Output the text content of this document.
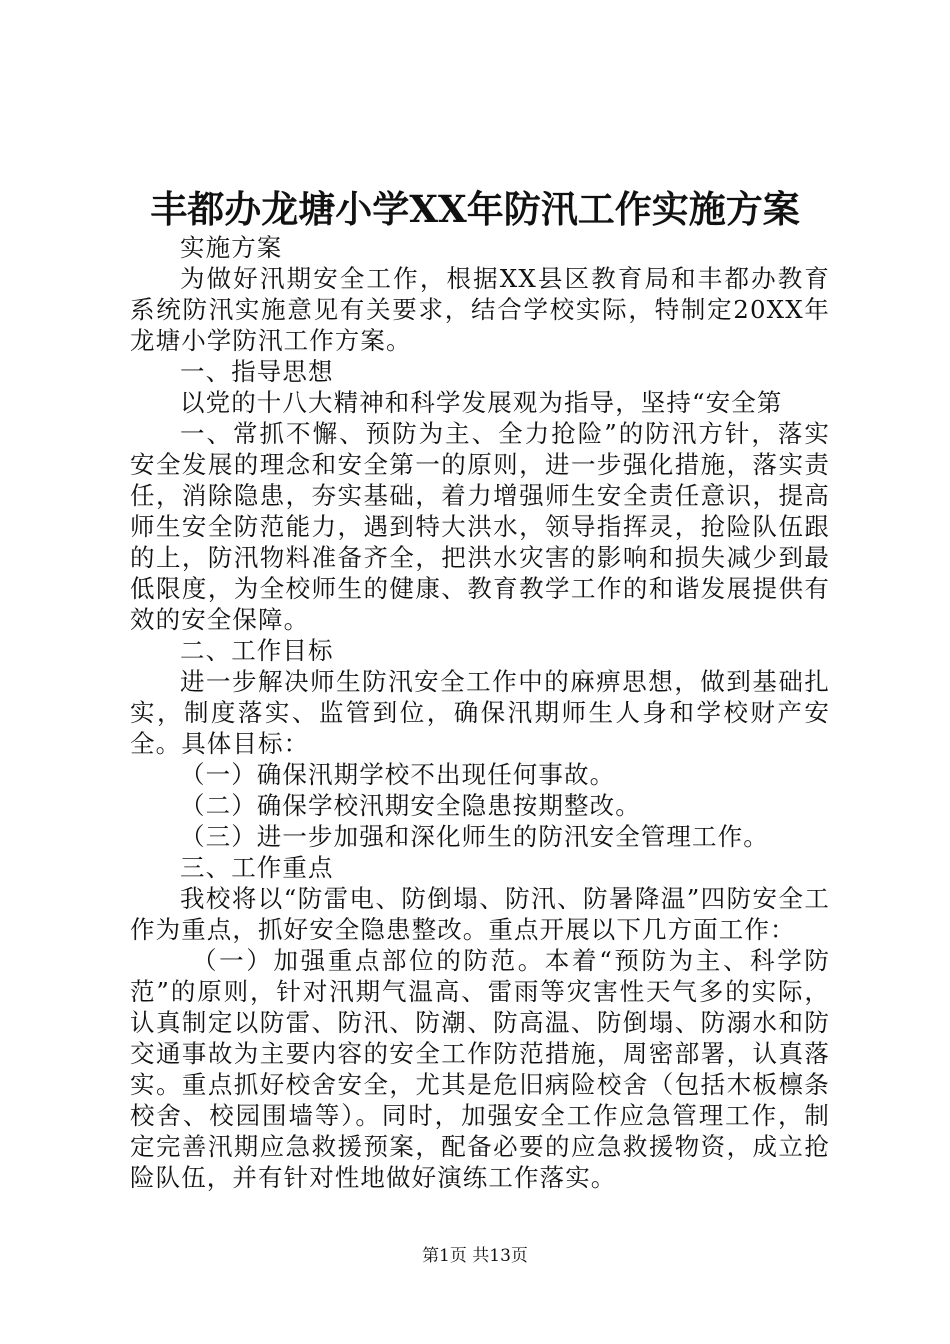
丰都办龙塘小学XX年防汛工作实施方案

实施方案

为做好汛期安全工作，根据XX县区教育局和丰都办教育系统防汛实施意见有关要求，结合学校实际，特制定20XX年龙塘小学防汛工作方案。

一、指导思想

以党的十八大精神和科学发展观为指导，坚持“安全第

一、常抓不懈、预防为主、全力抢险”的防汛方针，落实安全发展的理念和安全第一的原则，进一步强化措施，落实责任，消除隐患，夯实基础，着力增强师生安全责任意识，提高师生安全防范能力，遇到特大洪水，领导指挥灵，抢险队伍跟的上，防汛物料准备齐全，把洪水灾害的影响和损失减少到最低限度，为全校师生的健康、教育教学工作的和谐发展提供有效的安全保障。

二、工作目标

进一步解决师生防汛安全工作中的麻痹思想，做到基础扎实，制度落实、监管到位，确保汛期师生人身和学校财产安全。具体目标：

（一）确保汛期学校不出现任何事故。

（二）确保学校汛期安全隐患按期整改。

（三）进一步加强和深化师生的防汛安全管理工作。

三、工作重点

我校将以“防雷电、防倒塌、防汛、防暑降温”四防安全工作为重点，抓好安全隐患整改。重点开展以下几方面工作：

（一）加强重点部位的防范。本着“预防为主、科学防范”的原则，针对汛期气温高、雷雨等灾害性天气多的实际，认真制定以防雷、防汛、防潮、防高温、防倒塌、防溺水和防交通事故为主要内容的安全工作防范措施，周密部署，认真落实。重点抓好校舍安全，尤其是危旧病险校舍（包括木板檩条校舍、校园围墙等）。同时，加强安全工作应急管理工作，制定完善汛期应急救援预案，配备必要的应急救援物资，成立抢险队伍，并有针对性地做好演练工作落实。

第1页 共13页
